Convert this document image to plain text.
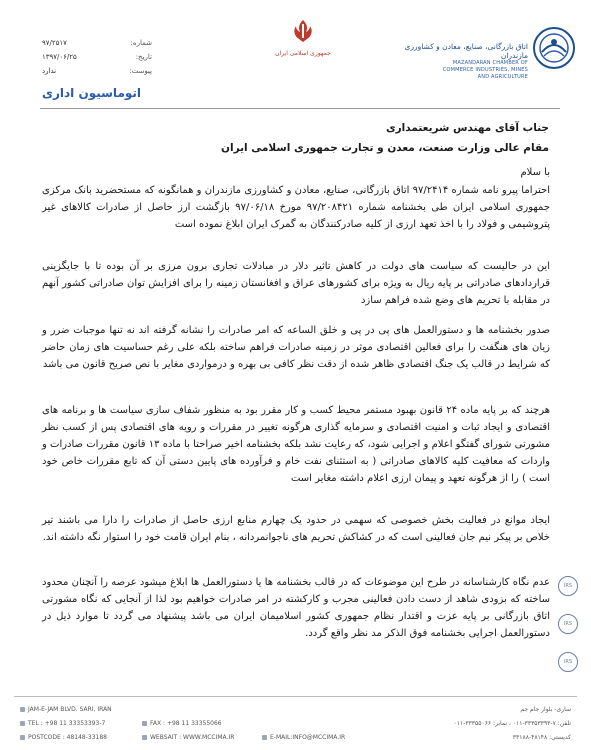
۹۷/۲۵۱۷	شماره:
۱۳۹۷/۰۶/۲۵	تاریخ:
ندارد	پیوست:
اتوماسیون اداری
جمهوری اسلامی ایران
اتاق بازرگانی، صنایع، معادن و کشاورزی مازندران
MAZANDARAN CHAMBER OF
COMMERCE INDUSTRIES, MINES
AND AGRICULTURE
جناب آقای مهندس شریعتمداری
مقام عالی وزارت صنعت، معدن و تجارت جمهوری اسلامی ایران
با سلام
احتراما پیرو نامه شماره ۹۷/۲۴۱۴ اتاق بازرگانی، صنایع، معادن و کشاورزی مازندران و همانگونه که مستحضرید بانک مرکزی جمهوری اسلامی ایران طی بخشنامه شماره ۹۷/۲۰۸۴۲۱ مورخ ۹۷/۰۶/۱۸ بازگشت ارز حاصل از صادرات کالاهای غیر پتروشیمی و فولاد را با اخذ تعهد ارزی از کلیه صادرکنندگان به گمرک ایران ابلاغ نموده است
این در حالیست که سیاست های دولت در کاهش تاثیر دلار در مبادلات تجاری برون مرزی بر آن بوده تا با جایگزینی قراردادهای صادراتی بر پایه ریال به ویژه برای کشورهای عراق و افغانستان زمینه را برای افزایش توان صادراتی کشور آنهم در مقابله با تحریم های وضع شده فراهم سازد
صدور بخشنامه ها و دستورالعمل های پی در پی و خلق الساعه که امر صادرات را نشانه گرفته اند نه تنها موجبات ضرر و زیان های هنگفت را برای فعالین اقتصادی موثر در زمینه صادرات فراهم ساخته بلکه علی رغم حساسیت های زمان حاضر که شرایط در قالب یک جنگ اقتصادی ظاهر شده از دقت نظر کافی بی بهره و درمواردی مغایر با نص صریح قانون می باشد
هرچند که بر پایه ماده ۲۴ قانون بهبود مستمر محیط کسب و کار مقرر بود به منظور شفاف سازی سیاست ها و برنامه های اقتصادی و ایجاد ثبات و امنیت اقتصادی و سرمایه گذاری هرگونه تغییر در مقررات و رویه های اقتصادی پس از کسب نظر مشورتی شورای گفتگو اعلام و اجرایی شود، که رعایت نشد بلکه بخشنامه اخیر صراحتا با ماده ۱۳ قانون مقررات صادرات و واردات که معافیت کلیه کالاهای صادراتی ( به استثنای نفت خام و فرآورده های پایین دستی آن که تابع مقررات خاص خود است ) را از هرگونه تعهد و پیمان ارزی اعلام داشته مغایر است
ایجاد موانع در فعالیت بخش خصوصی که سهمی در حدود یک چهارم منابع ارزی حاصل از صادرات را دارا می باشند تیر خلاص بر پیکر نیم جان فعالینی است که در کشاکش تحریم های ناجوانمردانه ، بنام ایران قامت خود را استوار نگه داشته اند.
عدم نگاه کارشناسانه در طرح این موضوعات که در قالب بخشنامه ها یا دستورالعمل ها ابلاغ میشود عرصه را آنچنان محدود ساخته که بزودی شاهد از دست دادن فعالینی مجرب و کارکشته در امر صادرات خواهیم بود لذا از آنجایی که نگاه مشورتی اتاق بازرگانی بر پایه عزت و اقتدار نظام جمهوری کشور اسلامیمان ایران می باشد پیشنهاد می گردد تا موارد ذیل در دستورالعمل اجرایی بخشنامه فوق الذکر مد نظر واقع گردد.
IRS
IRS
IRS
JAM-E-JAM BLVD. SARI, IRAN
TEL : +98 11 33353393-7	FAX : +98 11 33355066
POSTCODE : 48148-33188	WEBSAIT : WWW.MCCIMA.IR	E-MAIL:INFO@MCCIMA.IR
ساری- بلوار جام جم
تلفن: ۷-۳۳۳۵۳۳۹۳-۰۱۱ ، نمابر: ۳۳۳۵۵۰۶۶-۰۱۱
کدپستی: ۴۸۱۴۸-۳۳۱۸۸
